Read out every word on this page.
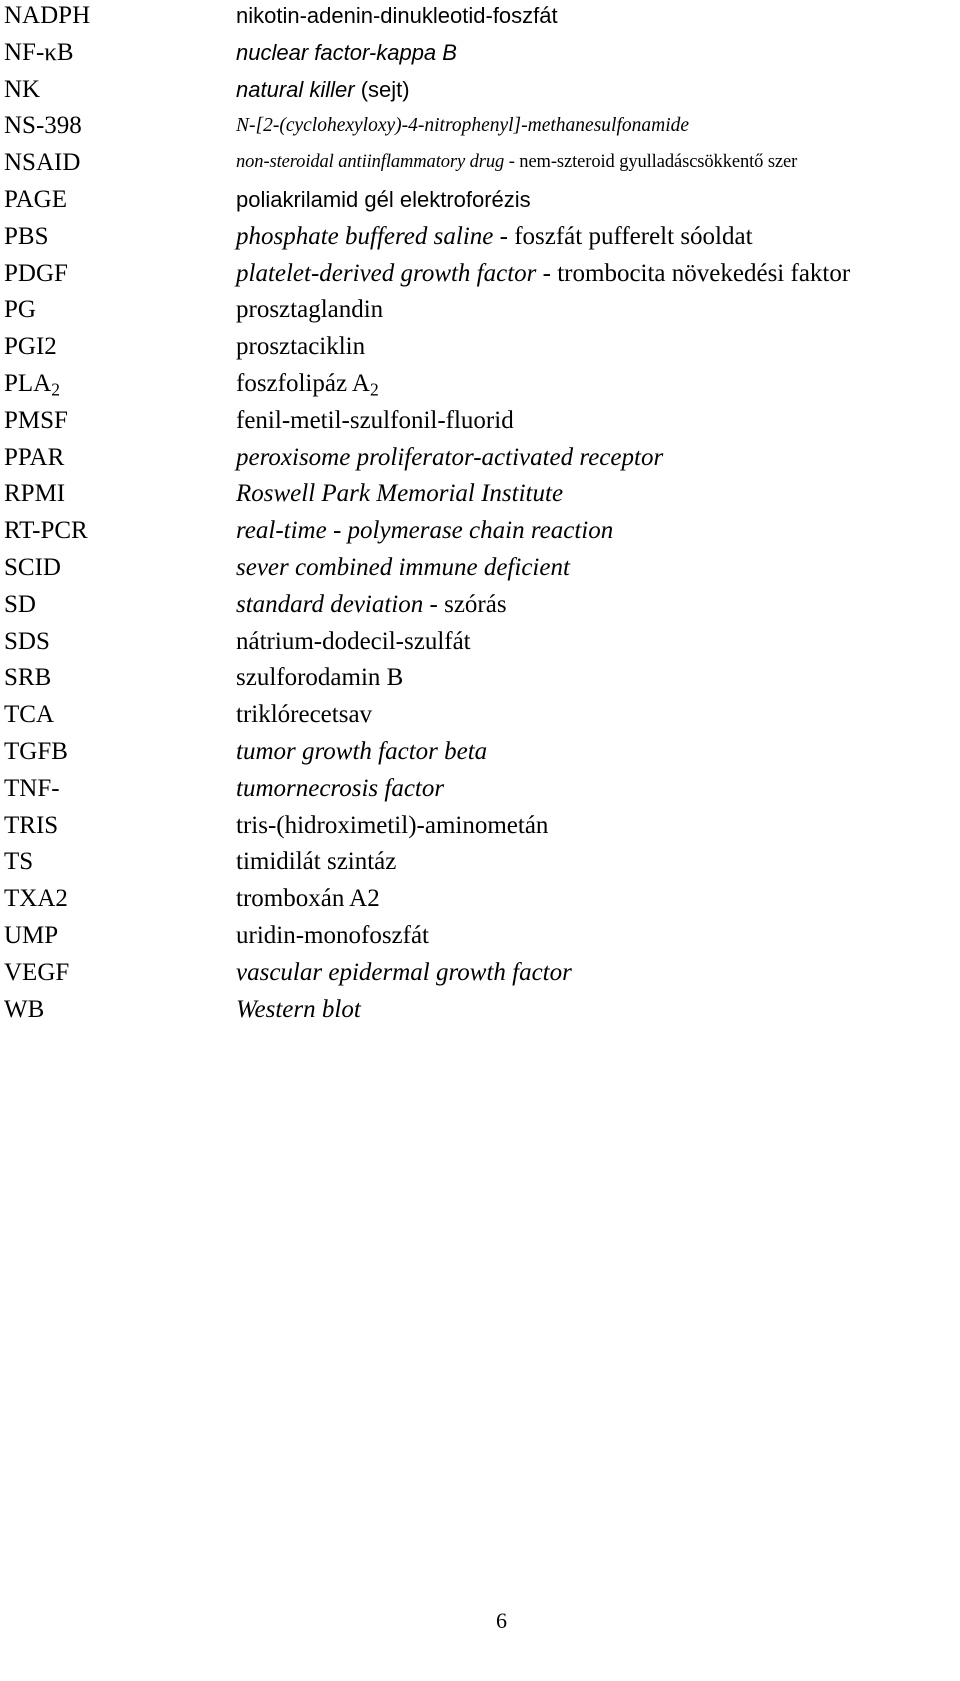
NADPH	nikotin-adenin-dinukleotid-foszfát
NF-κB	nuclear factor-kappa B
NK	natural killer (sejt)
NS-398	N-[2-(cyclohexyloxy)-4-nitrophenyl]-methanesulfonamide
NSAID	non-steroidal antiinflammatory drug - nem-szteroid gyulladáscsökkentő szer
PAGE	poliakrilamid gél elektroforézis
PBS	phosphate buffered saline - foszfát pufferelt sóoldat
PDGF	platelet-derived growth factor - trombocita növekedési faktor
PG	prosztaglandin
PGI2	prosztaciklin
$PLA_2$	foszfolipáz $A_2$
PMSF	fenil-metil-szulfonil-fluorid
PPAR	peroxisome proliferator-activated receptor
RPMI	Roswell Park Memorial Institute
RT-PCR	real-time - polymerase chain reaction
SCID	sever combined immune deficient
SD	standard deviation - szórás
SDS	nátrium-dodecil-szulfát
SRB	szulforodamin B
TCA	triklórecetsav
TGFB	tumor growth factor beta
TNF-	tumornecrosis factor
TRIS	tris-(hidroximetil)-aminometán
TS	timidilát szintáz
TXA2	tromboxán A2
UMP	uridin-monofoszfát
VEGF	vascular epidermal growth factor
WB	Western blot
6
